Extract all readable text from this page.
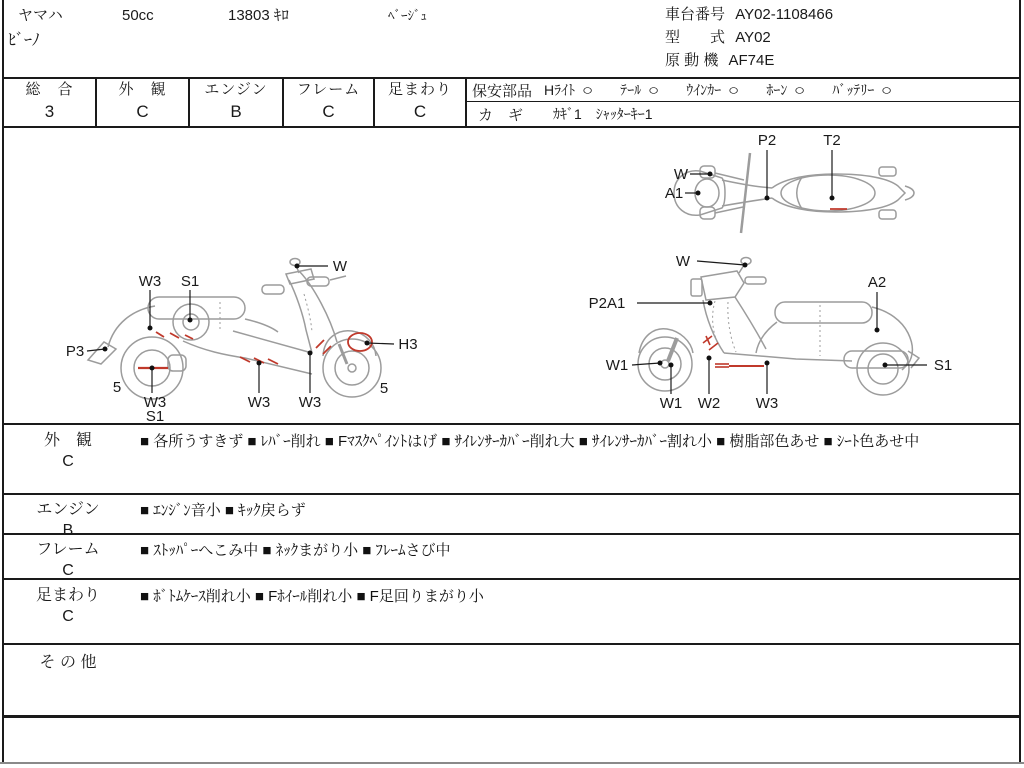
ヤマハ
ﾋﾞｰﾉ
50cc	13803 ｷﾛ	ﾍﾞｰｼﾞｭ	車台番号 AY02-1108466
型　　式 AY02
原 動 機 AF74E
総　合
3
外　観
C
エンジン
B
フレーム
C
足まわり
C
保安部品 Hﾗｲﾄ ○ ﾃｰﾙ ○ ｳｲﾝｶｰ ○ ﾎｰﾝ ○ ﾊﾞｯﾃﾘｰ ○
カ　ギ ｶｷﾞ1　ｼｬｯﾀｰｷｰ1
P2	T2
W
A1
W3 S1
W
P3	H3
5	5
W3
S1
W3 W3
W
P2A1
A2
W1
W1 W2 W3
S1
外　観
C
■ 各所うすきず ■ ﾚﾊﾞｰ削れ ■ Fﾏｽｸﾍﾟｲﾝﾄはげ ■ ｻｲﾚﾝｻｰｶﾊﾞｰ削れ大 ■ ｻｲﾚﾝｻｰｶﾊﾞｰ割れ小 ■ 樹脂部色あせ ■ ｼｰﾄ色あせ中
エンジン
B
■ ｴﾝｼﾞﾝ音小 ■ ｷｯｸ戻らず
フレーム
C
■ ｽﾄｯﾊﾟｰへこみ中 ■ ﾈｯｸまがり小 ■ ﾌﾚｰﾑさび中
足まわり
C
■ ﾎﾞﾄﾑｹｰｽ削れ小 ■ Fﾎｲｰﾙ削れ小 ■ F足回りまがり小
そ の 他
